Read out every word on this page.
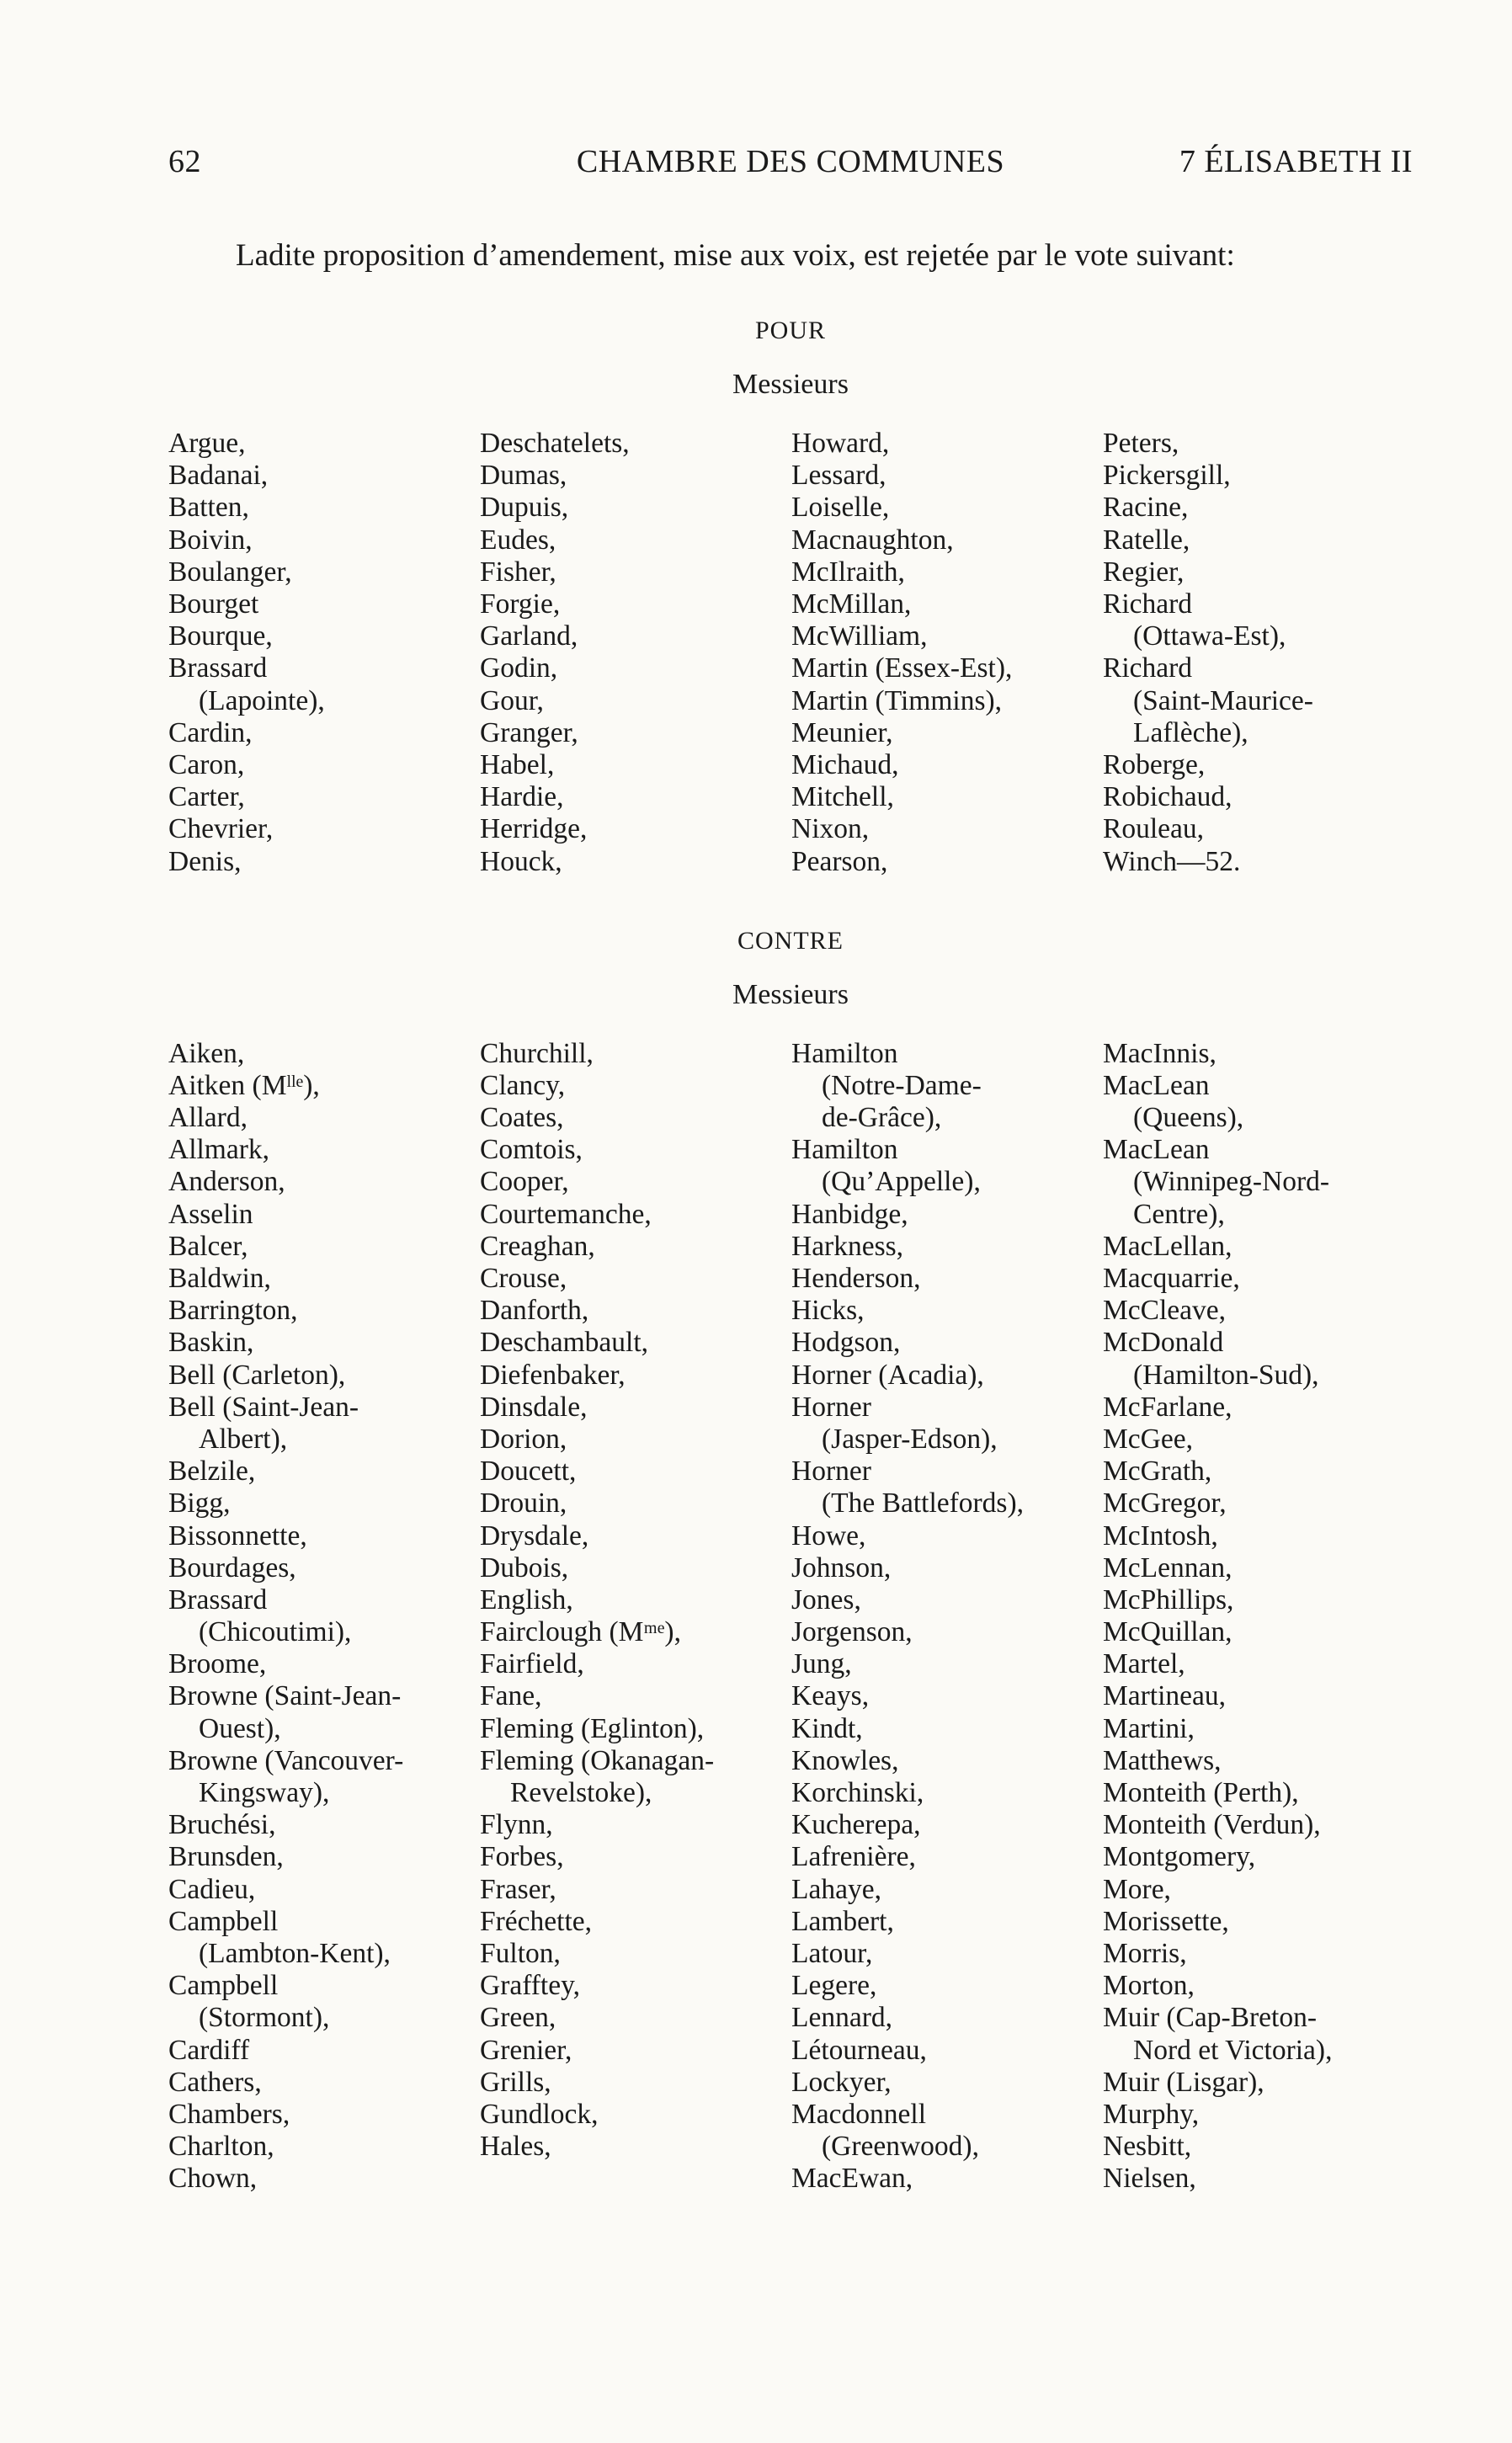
62	CHAMBRE DES COMMUNES	7 ÉLISABETH II

Ladite proposition d’amendement, mise aux voix, est rejetée par le vote suivant:

POUR
Messieurs
Argue,
Badanai,
Batten,
Boivin,
Boulanger,
Bourget
Bourque,
Brassard
(Lapointe),
Cardin,
Caron,
Carter,
Chevrier,
Denis,
Deschatelets,
Dumas,
Dupuis,
Eudes,
Fisher,
Forgie,
Garland,
Godin,
Gour,
Granger,
Habel,
Hardie,
Herridge,
Houck,
Howard,
Lessard,
Loiselle,
Macnaughton,
McIlraith,
McMillan,
McWilliam,
Martin (Essex-Est),
Martin (Timmins),
Meunier,
Michaud,
Mitchell,
Nixon,
Pearson,
Peters,
Pickersgill,
Racine,
Ratelle,
Regier,
Richard
(Ottawa-Est),
Richard
(Saint-Maurice-
Laflèche),
Roberge,
Robichaud,
Rouleau,
Winch—52.
CONTRE
Messieurs
Aiken,
Aitken (Mˡˡᵉ),
Allard,
Allmark,
Anderson,
Asselin
Balcer,
Baldwin,
Barrington,
Baskin,
Bell (Carleton),
Bell (Saint-Jean-
Albert),
Belzile,
Bigg,
Bissonnette,
Bourdages,
Brassard
(Chicoutimi),
Broome,
Browne (Saint-Jean-
Ouest),
Browne (Vancouver-
Kingsway),
Bruchési,
Brunsden,
Cadieu,
Campbell
(Lambton-Kent),
Campbell
(Stormont),
Cardiff
Cathers,
Chambers,
Charlton,
Chown,
Churchill,
Clancy,
Coates,
Comtois,
Cooper,
Courtemanche,
Creaghan,
Crouse,
Danforth,
Deschambault,
Diefenbaker,
Dinsdale,
Dorion,
Doucett,
Drouin,
Drysdale,
Dubois,
English,
Fairclough (Mᵐᵉ),
Fairfield,
Fane,
Fleming (Eglinton),
Fleming (Okanagan-
Revelstoke),
Flynn,
Forbes,
Fraser,
Fréchette,
Fulton,
Grafftey,
Green,
Grenier,
Grills,
Gundlock,
Hales,
Hamilton
(Notre-Dame-
de-Grâce),
Hamilton
(Qu’Appelle),
Hanbidge,
Harkness,
Henderson,
Hicks,
Hodgson,
Horner (Acadia),
Horner
(Jasper-Edson),
Horner
(The Battlefords),
Howe,
Johnson,
Jones,
Jorgenson,
Jung,
Keays,
Kindt,
Knowles,
Korchinski,
Kucherepa,
Lafrenière,
Lahaye,
Lambert,
Latour,
Legere,
Lennard,
Létourneau,
Lockyer,
Macdonnell
(Greenwood),
MacEwan,
MacInnis,
MacLean
(Queens),
MacLean
(Winnipeg-Nord-
Centre),
MacLellan,
Macquarrie,
McCleave,
McDonald
(Hamilton-Sud),
McFarlane,
McGee,
McGrath,
McGregor,
McIntosh,
McLennan,
McPhillips,
McQuillan,
Martel,
Martineau,
Martini,
Matthews,
Monteith (Perth),
Monteith (Verdun),
Montgomery,
More,
Morissette,
Morris,
Morton,
Muir (Cap-Breton-
Nord et Victoria),
Muir (Lisgar),
Murphy,
Nesbitt,
Nielsen,
